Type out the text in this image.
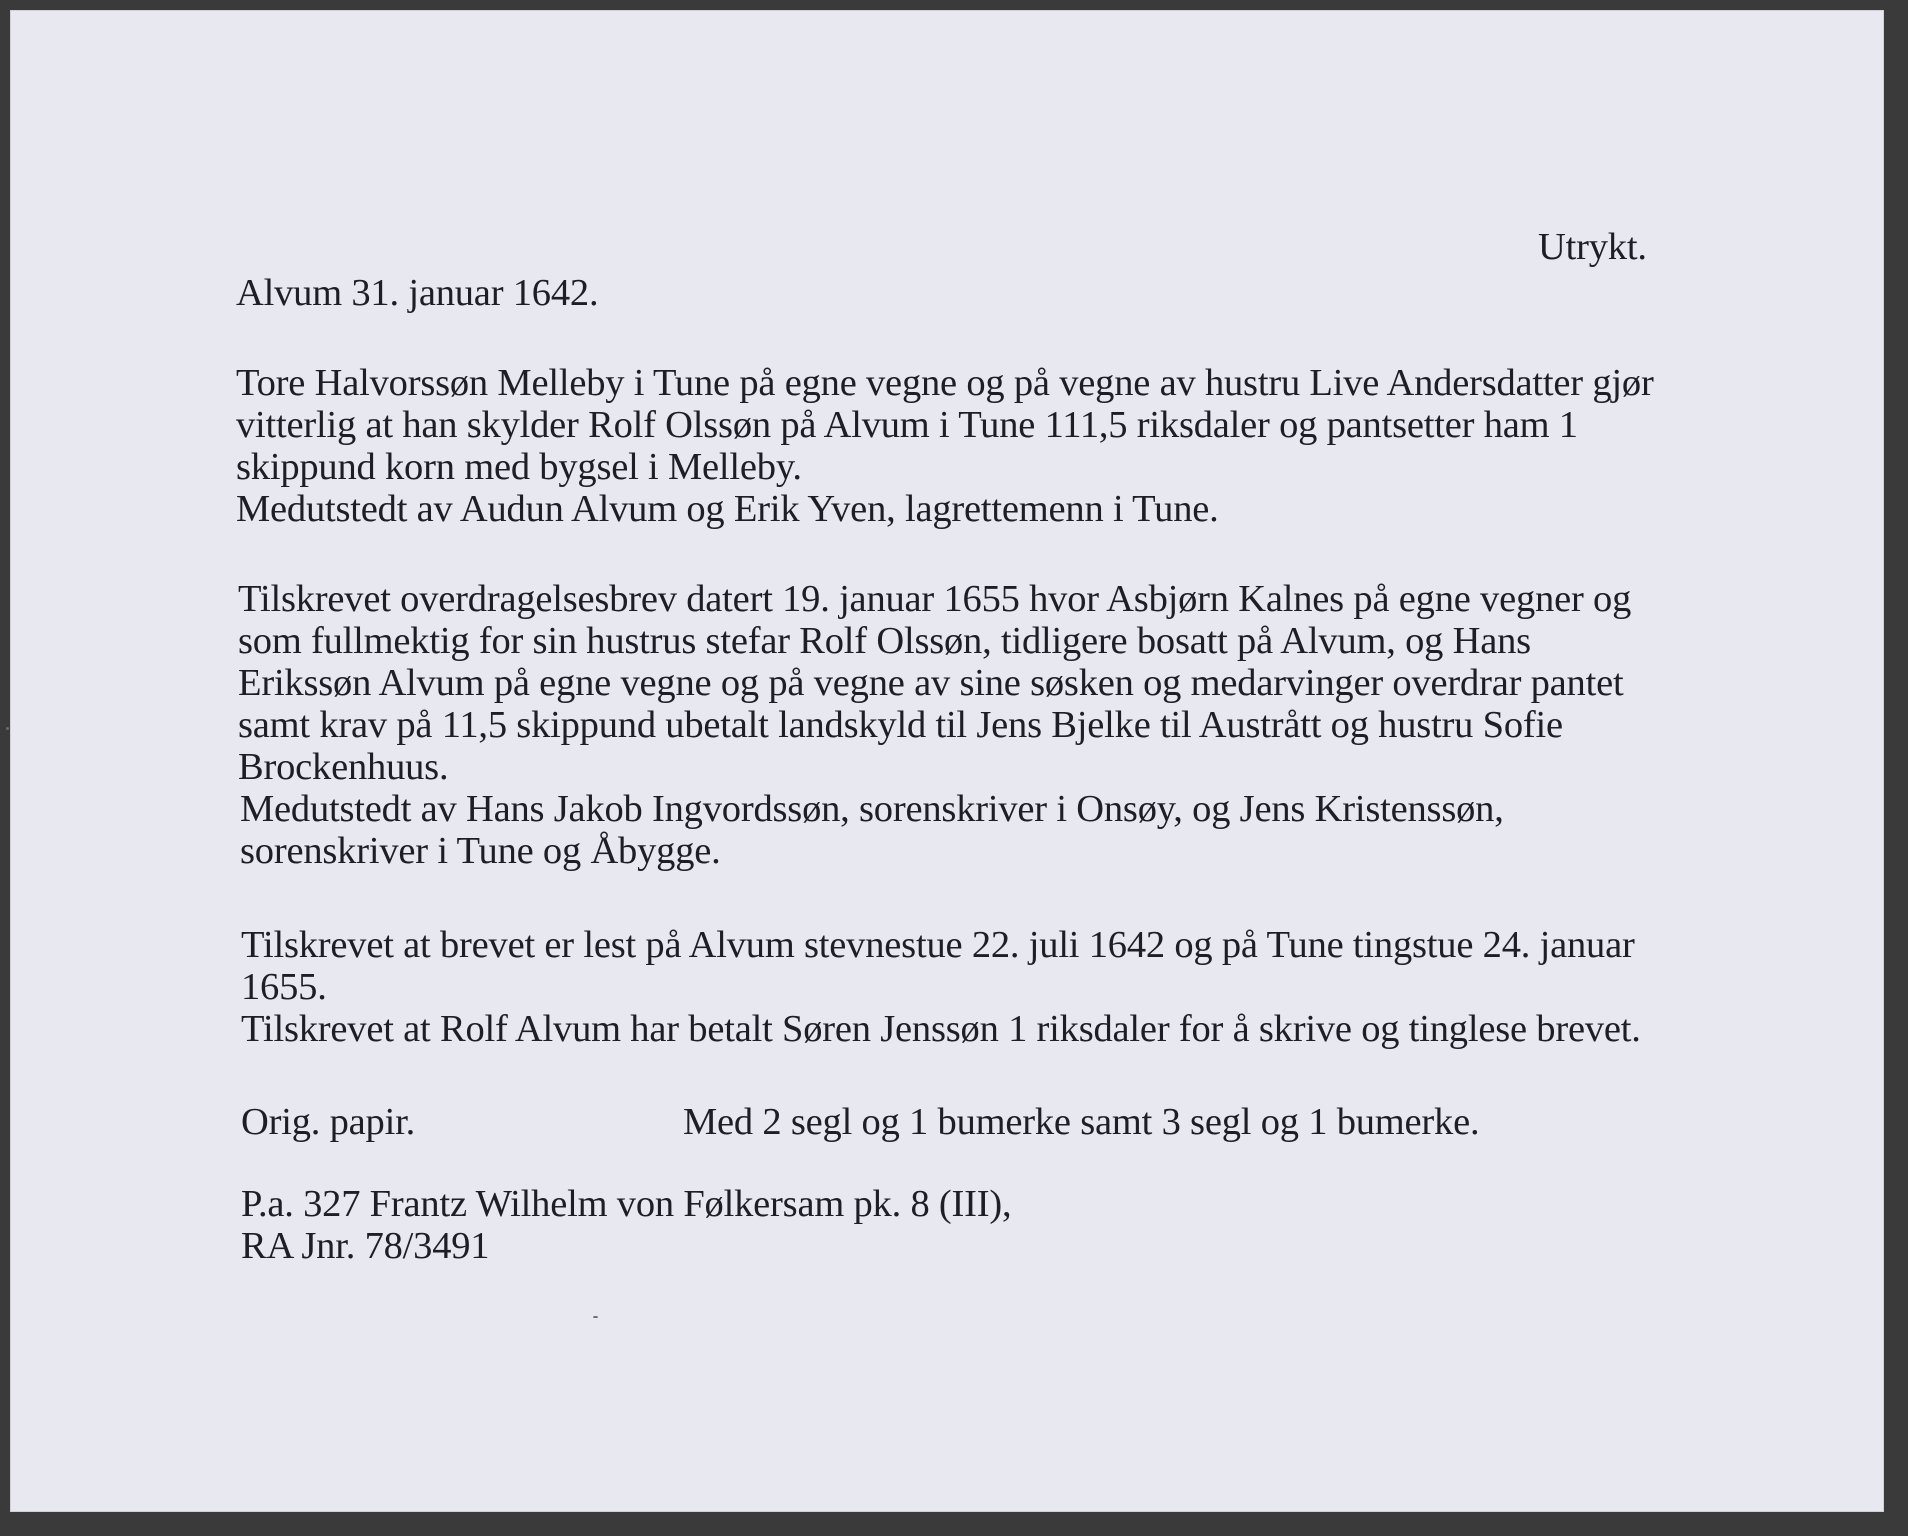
Utrykt.
Alvum 31. januar 1642.
Tore Halvorssøn Melleby i Tune på egne vegne og på vegne av hustru Live Andersdatter gjør
vitterlig at han skylder Rolf Olssøn på Alvum i Tune 111,5 riksdaler og pantsetter ham 1
skippund korn med bygsel i Melleby.
Medutstedt av Audun Alvum og Erik Yven, lagrettemenn i Tune.
Tilskrevet overdragelsesbrev datert 19. januar 1655 hvor Asbjørn Kalnes på egne vegner og
som fullmektig for sin hustrus stefar Rolf Olssøn, tidligere bosatt på Alvum, og Hans
Erikssøn Alvum på egne vegne og på vegne av sine søsken og medarvinger overdrar pantet
samt krav på 11,5 skippund ubetalt landskyld til Jens Bjelke til Austrått og hustru Sofie
Brockenhuus.
Medutstedt av Hans Jakob Ingvordssøn, sorenskriver i Onsøy, og Jens Kristenssøn,
sorenskriver i Tune og Åbygge.
Tilskrevet at brevet er lest på Alvum stevnestue 22. juli 1642 og på Tune tingstue 24. januar
1655.
Tilskrevet at Rolf Alvum har betalt Søren Jenssøn 1 riksdaler for å skrive og tinglese brevet.
Orig. papir.	Med 2 segl og 1 bumerke samt 3 segl og 1 bumerke.
P.a. 327 Frantz Wilhelm von Følkersam pk. 8 (III),
RA Jnr. 78/3491
